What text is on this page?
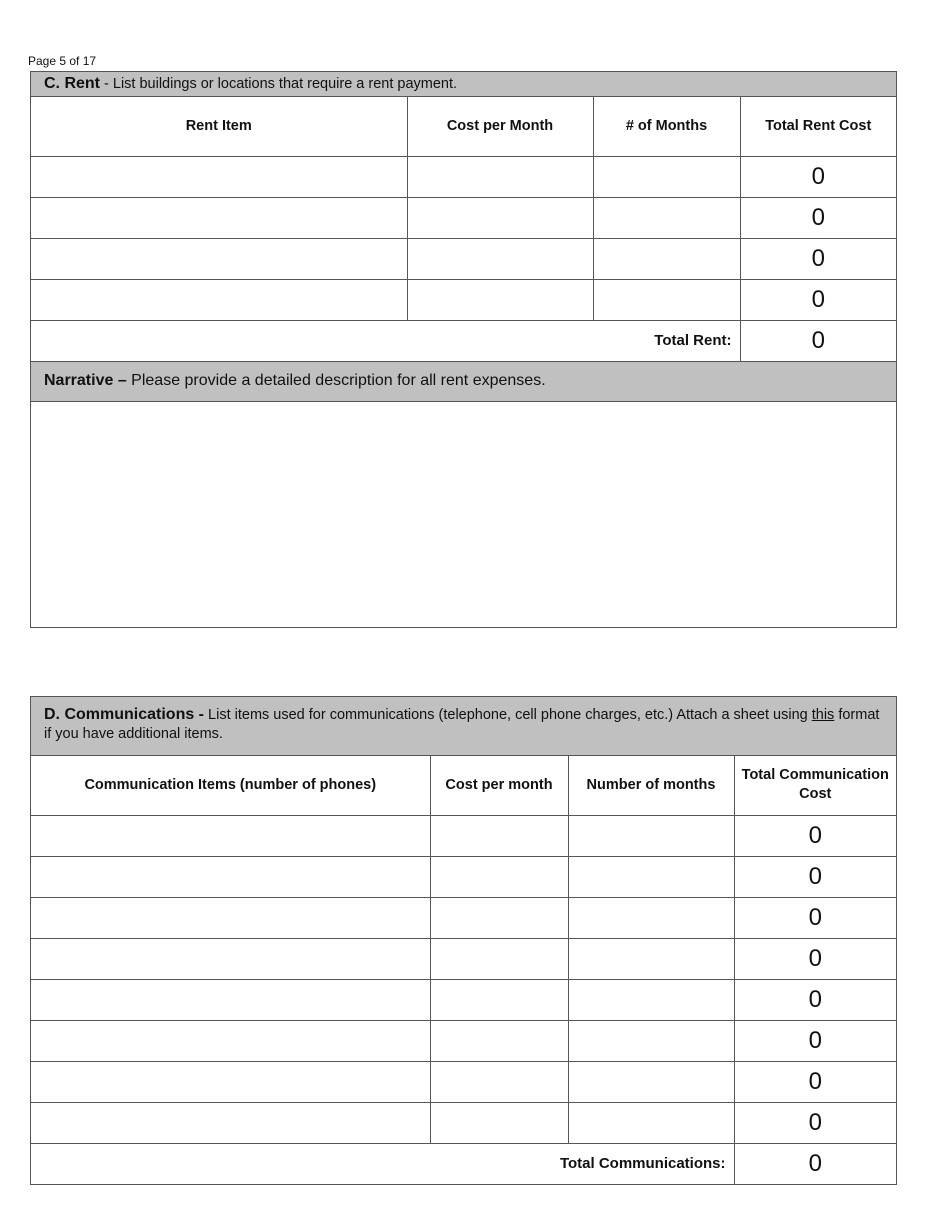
Page 5 of 17
C. Rent - List buildings or locations that require a rent payment.
Rent Item	Cost per Month	# of Months	Total Rent Cost
			0
			0
			0
			0
Total Rent:			0
Narrative – Please provide a detailed description for all rent expenses.
D. Communications - List items used for communications (telephone, cell phone charges, etc.) Attach a sheet using this format if you have additional items.
Communication Items (number of phones)	Cost per month	Number of months	Total Communication Cost
			0
			0
			0
			0
			0
			0
			0
			0
Total Communications:			0
